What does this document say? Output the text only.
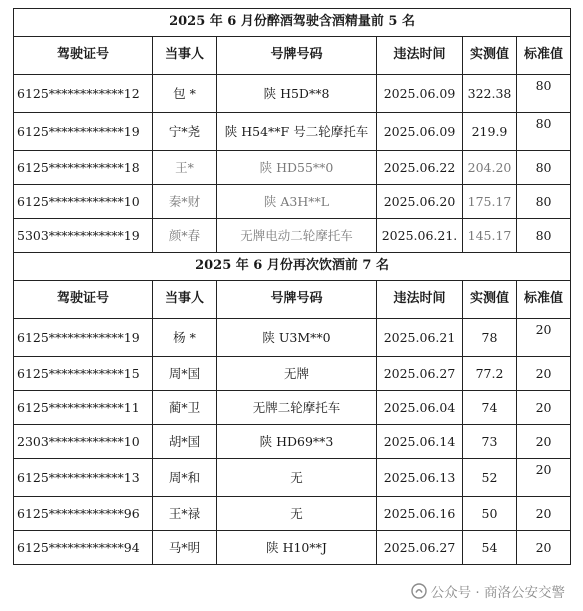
2025 年 6 月份醉酒驾驶含酒精量前 5 名					
驾驶证号	当事人	号牌号码	违法时间	实测值	标准值
6125************12	包 *	陕 H5D**8	2025.06.09	322.38	80
6125************19	宁*尧	陕 H54**F 号二轮摩托车	2025.06.09	219.9	80
6125************18	王*	陕 HD55**0	2025.06.22	204.20	80
6125************10	秦*财	陕 A3H**L	2025.06.20	175.17	80
5303************19	颜*春	无牌电动二轮摩托车	2025.06.21.	145.17	80
2025 年 6 月份再次饮酒前 7 名					
驾驶证号	当事人	号牌号码	违法时间	实测值	标准值
6125************19	杨 *	陕 U3M**0	2025.06.21	78	20
6125************15	周*国	无牌	2025.06.27	77.2	20
6125************11	蔺*卫	无牌二轮摩托车	2025.06.04	74	20
2303************10	胡*国	陕 HD69**3	2025.06.14	73	20
6125************13	周*和	无	2025.06.13	52	20
6125************96	王*禄	无	2025.06.16	50	20
6125************94	马*明	陕 H10**J	2025.06.27	54	20
公众号 · 商洛公安交警
